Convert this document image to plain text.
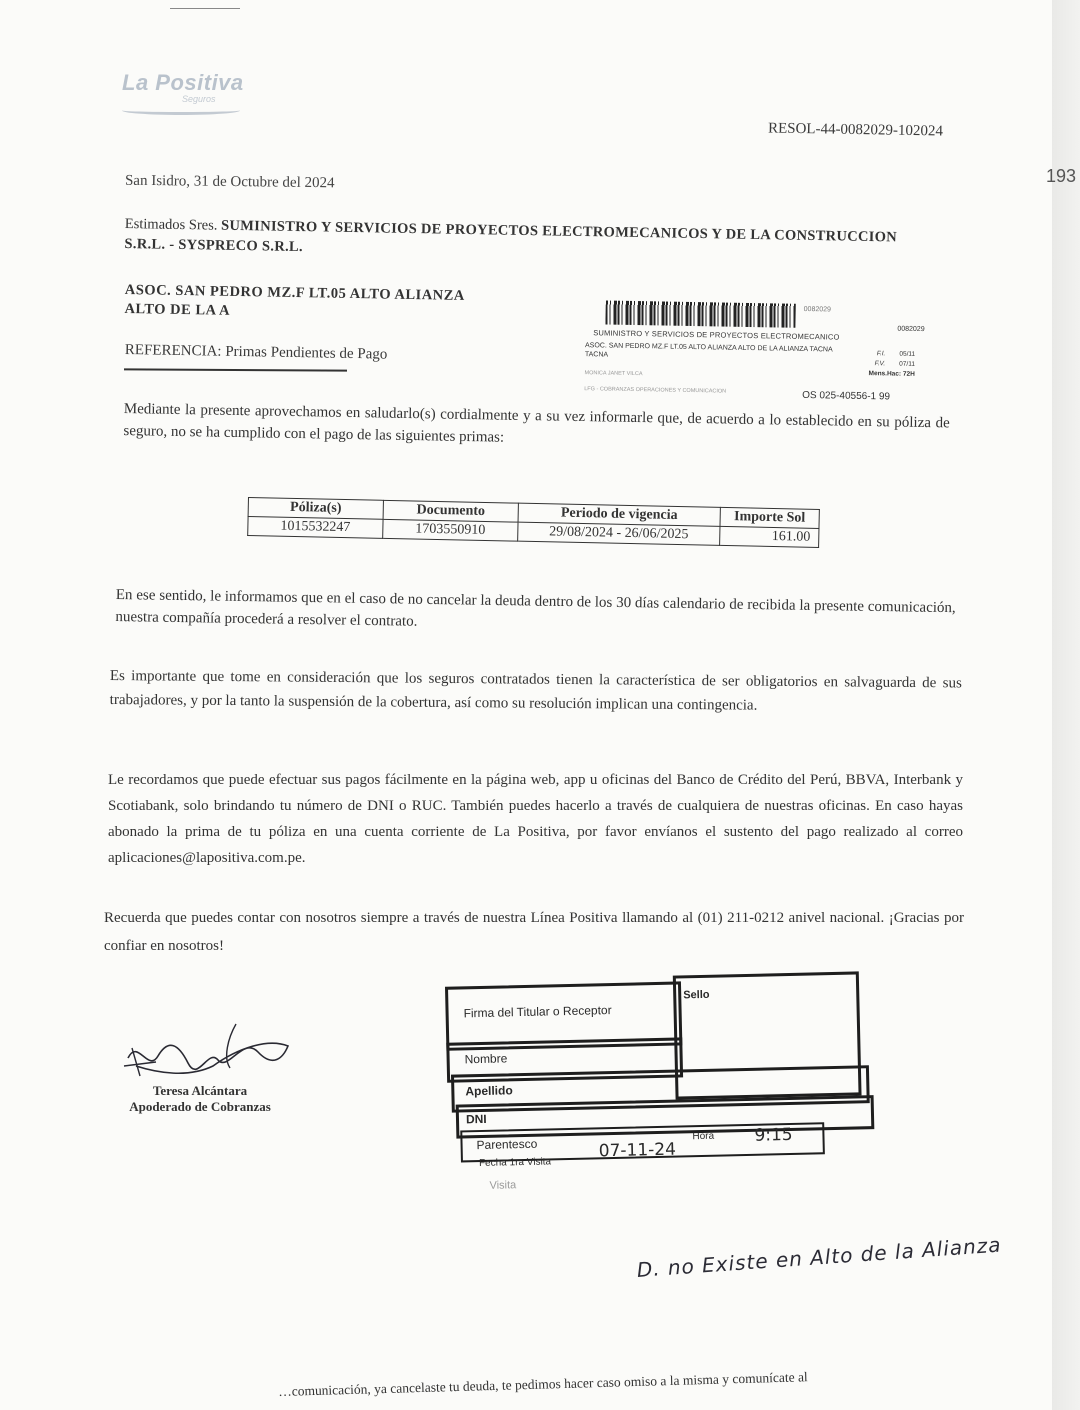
La Positiva
Seguros
RESOL-44-0082029-102024
193
San Isidro, 31 de Octubre del 2024
Estimados Sres. SUMINISTRO Y SERVICIOS DE PROYECTOS ELECTROMECANICOS Y DE LA CONSTRUCCION S.R.L. - SYSPRECO S.R.L.
ASOC. SAN PEDRO MZ.F LT.05 ALTO ALIANZA ALTO DE LA A
REFERENCIA: Primas Pendientes de Pago
0082029
0082029
SUMINISTRO Y SERVICIOS DE PROYECTOS ELECTROMECANICO
ASOC. SAN PEDRO MZ.F LT.05 ALTO ALIANZA ALTO DE LA ALIANZA TACNA TACNA	F.I. 05/11
F.V. 07/11
Mens.Hac: 72H
MONICA JANET VILCA
LFG - COBRANZAS OPERACIONES Y COMUNICACION	OS 025-40556-1 99
Mediante la presente aprovechamos en saludarlo(s) cordialmente y a su vez informarle que, de acuerdo a lo establecido en su póliza de seguro, no se ha cumplido con el pago de las siguientes primas:
Póliza(s)	Documento	Periodo de vigencia	Importe Sol
1015532247	1703550910	29/08/2024 - 26/06/2025	161.00
En ese sentido, le informamos que en el caso de no cancelar la deuda dentro de los 30 días calendario de recibida la presente comunicación, nuestra compañía procederá a resolver el contrato.
Es importante que tome en consideración que los seguros contratados tienen la característica de ser obligatorios en salvaguarda de sus trabajadores, y por la tanto la suspensión de la cobertura, así como su resolución implican una contingencia.
Le recordamos que puede efectuar sus pagos fácilmente en la página web, app u oficinas del Banco de Crédito del Perú, BBVA, Interbank y Scotiabank, solo brindando tu número de DNI o RUC. También puedes hacerlo a través de cualquiera de nuestras oficinas. En caso hayas abonado la prima de tu póliza en una cuenta corriente de La Positiva, por favor envíanos el sustento del pago realizado al correo aplicaciones@lapositiva.com.pe.
Recuerda que puedes contar con nosotros siempre a través de nuestra Línea Positiva llamando al (01) 211-0212 anivel nacional. ¡Gracias por confiar en nosotros!
Teresa Alcántara
Apoderado de Cobranzas
Firma del Titular o Receptor
Sello
Nombre
Apellido
DNI
Parentesco
Fecha 1ra Visita
07-11-24
Hora 9:15
Visita
D. no Existe en Alto de la Alianza
…comunicación, ya cancelaste tu deuda, te pedimos hacer caso omiso a la misma y comunícate al
